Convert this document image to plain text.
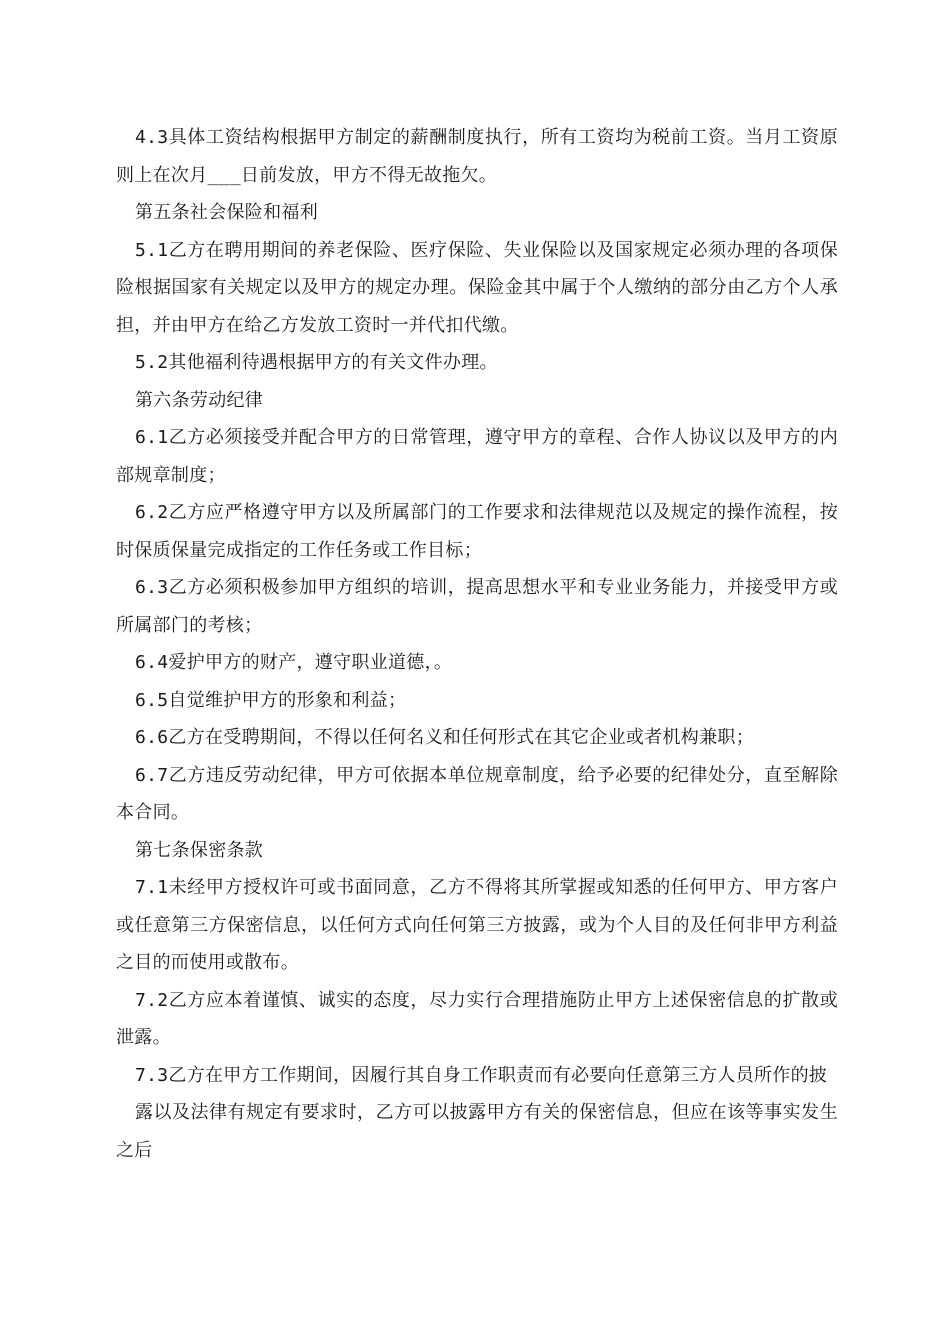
4.3具体工资结构根据甲方制定的薪酬制度执行，所有工资均为税前工资。当月工资原则上在次月___日前发放，甲方不得无故拖欠。

第五条社会保险和福利

5.1乙方在聘用期间的养老保险、医疗保险、失业保险以及国家规定必须办理的各项保险根据国家有关规定以及甲方的规定办理。保险金其中属于个人缴纳的部分由乙方个人承担，并由甲方在给乙方发放工资时一并代扣代缴。

5.2其他福利待遇根据甲方的有关文件办理。

第六条劳动纪律

6.1乙方必须接受并配合甲方的日常管理，遵守甲方的章程、合作人协议以及甲方的内部规章制度；

6.2乙方应严格遵守甲方以及所属部门的工作要求和法律规范以及规定的操作流程，按时保质保量完成指定的工作任务或工作目标；

6.3乙方必须积极参加甲方组织的培训，提高思想水平和专业业务能力，并接受甲方或所属部门的考核；

6.4爱护甲方的财产，遵守职业道德，。

6.5自觉维护甲方的形象和利益；

6.6乙方在受聘期间，不得以任何名义和任何形式在其它企业或者机构兼职；

6.7乙方违反劳动纪律，甲方可依据本单位规章制度，给予必要的纪律处分，直至解除本合同。

第七条保密条款

7.1未经甲方授权许可或书面同意，乙方不得将其所掌握或知悉的任何甲方、甲方客户或任意第三方保密信息，以任何方式向任何第三方披露，或为个人目的及任何非甲方利益之目的而使用或散布。

7.2乙方应本着谨慎、诚实的态度，尽力实行合理措施防止甲方上述保密信息的扩散或泄露。

7.3乙方在甲方工作期间，因履行其自身工作职责而有必要向任意第三方人员所作的披

露以及法律有规定有要求时，乙方可以披露甲方有关的保密信息，但应在该等事实发生之后
